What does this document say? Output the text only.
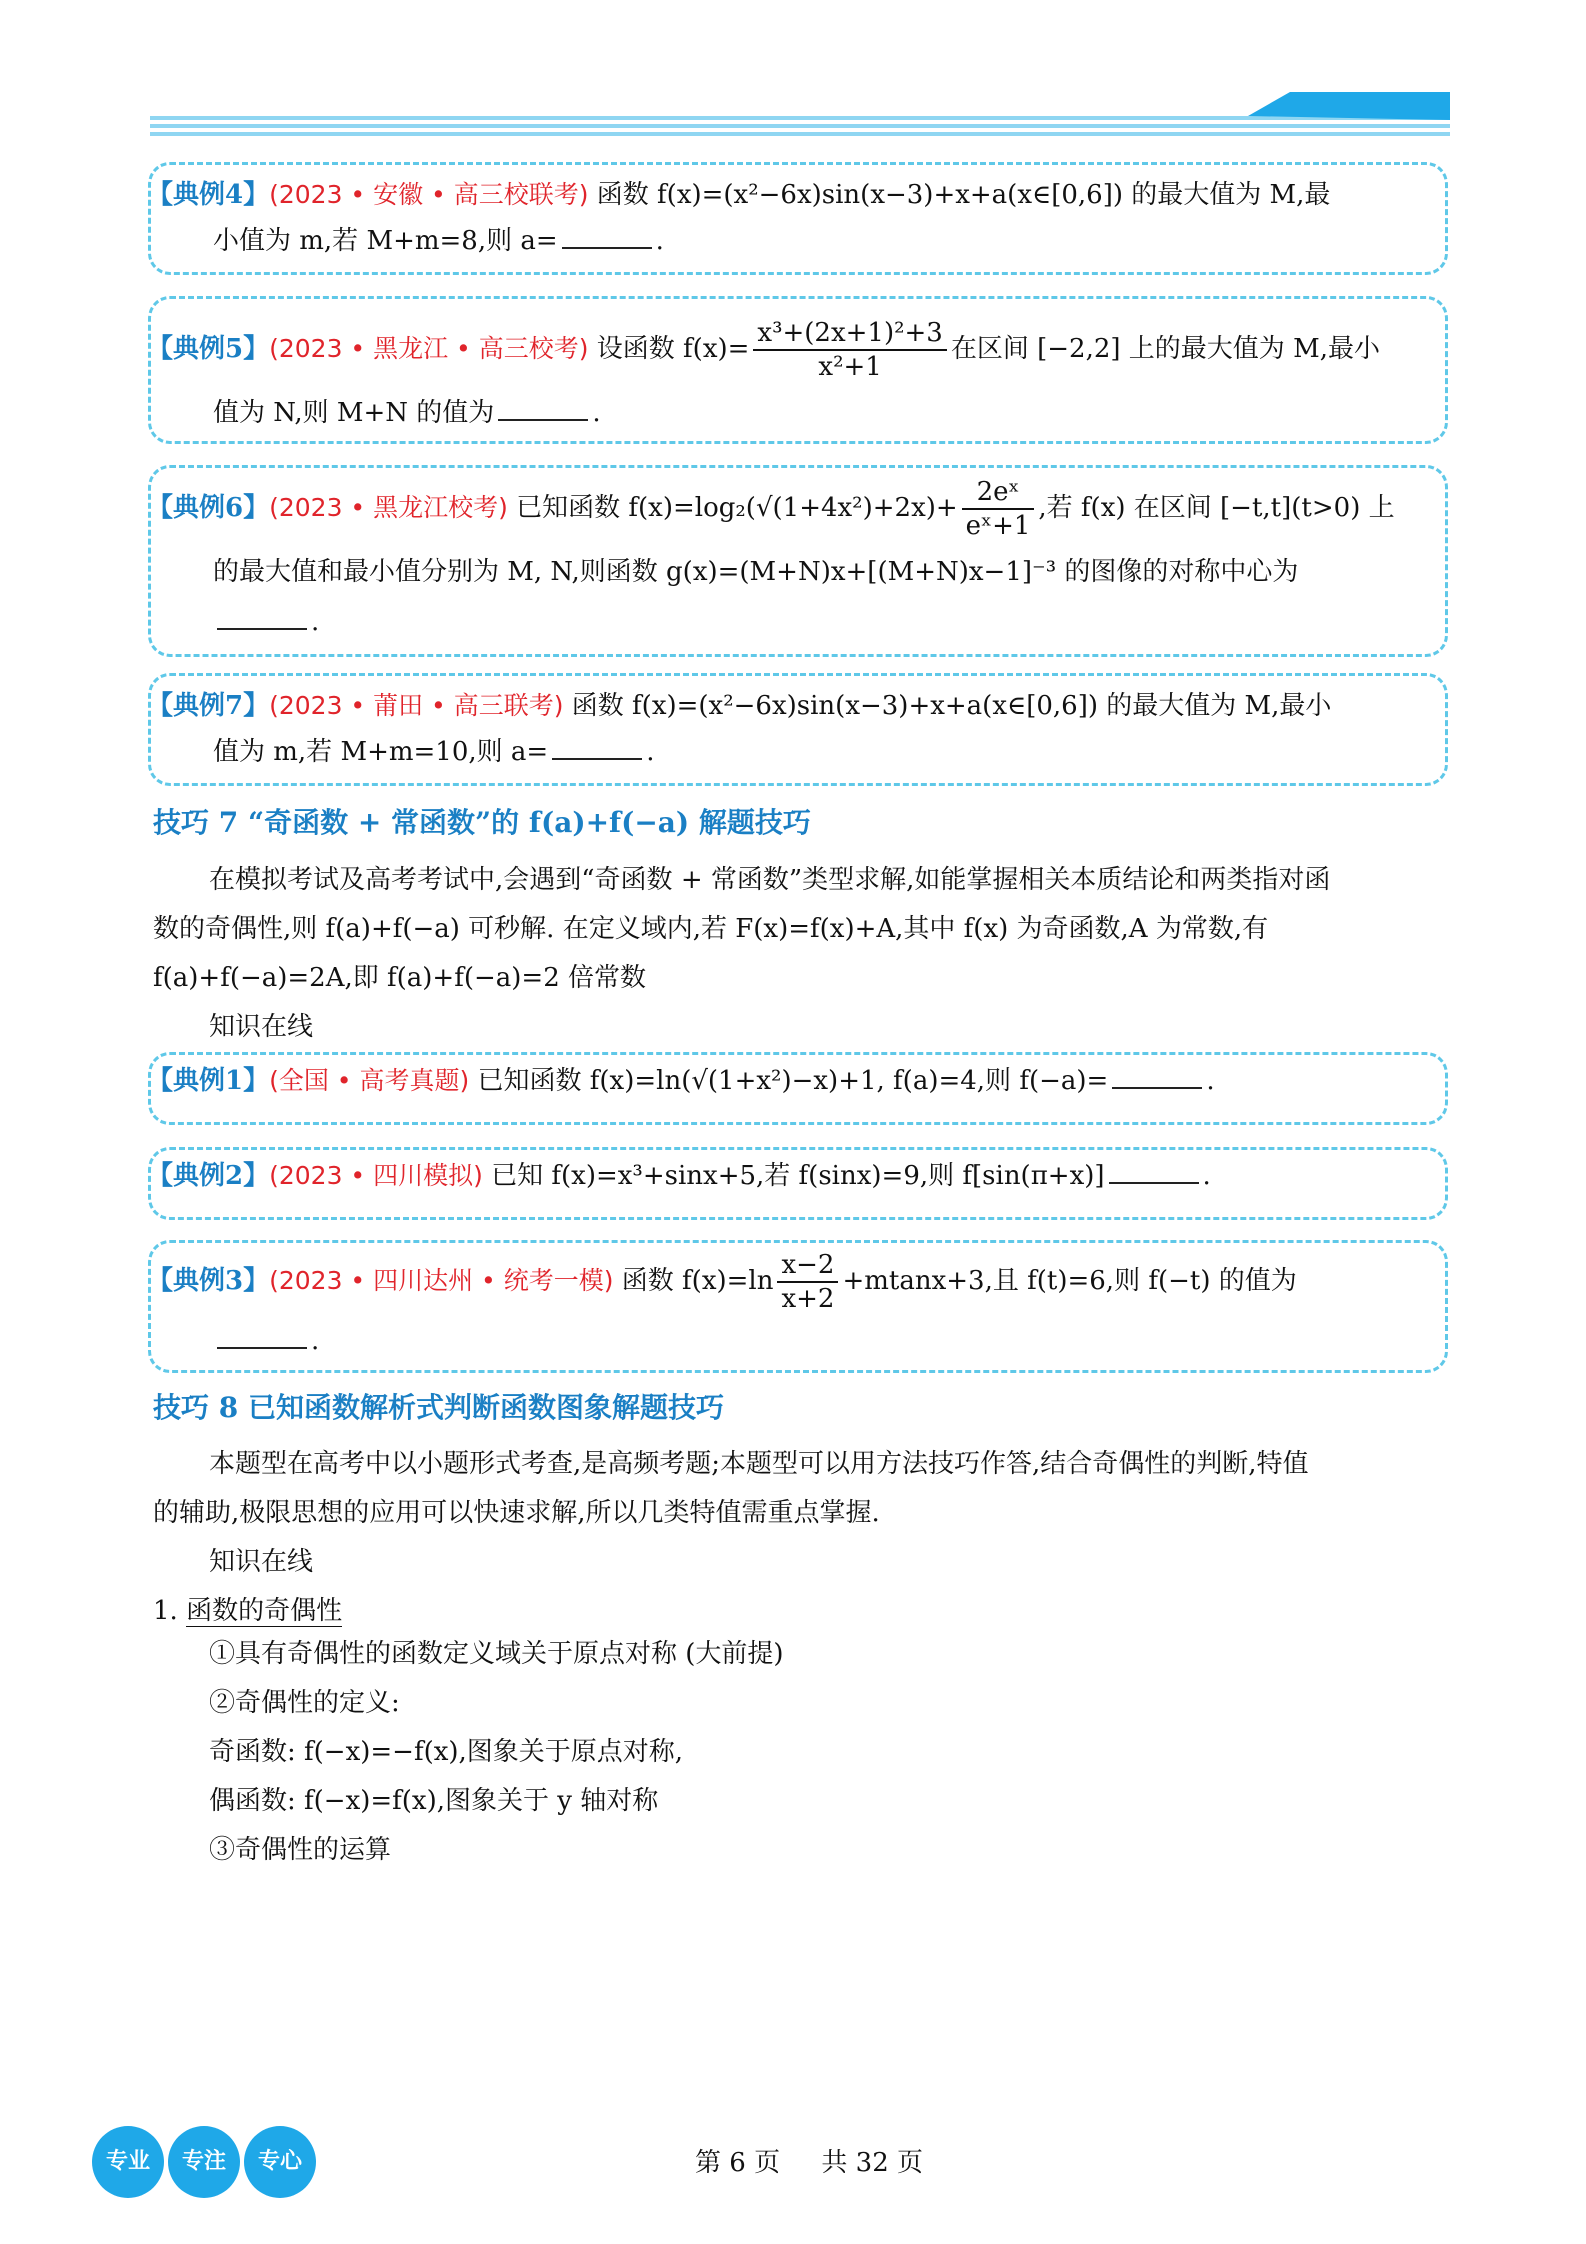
【典例4】(2023 • 安徽 • 高三校联考) 函数 f(x)=(x²−6x)sin(x−3)+x+a(x∈[0,6]) 的最大值为 M,最
小值为 m,若 M+m=8,则 a=	.
【典例5】(2023 • 黑龙江 • 高三校考) 设函数 $f(x)= \frac{\text{x³+(2x+1)²+3}}{\text{x²+1}}$ 在区间 [−2,2] 上的最大值为 M,最小
值为 N,则 M+N 的值为	.
【典例6】(2023 • 黑龙江校考) 已知函数 $f(x)=\log_2(√(1+4x^2)+2x)+ \frac{\text{2eˣ}}{\text{eˣ+1}}$ ,若 f(x) 在区间 [−t,t](t>0) 上
的最大值和最小值分别为 M, N,则函数 g(x)=(M+N)x+[(M+N)x−1]⁻³ 的图像的对称中心为
.
【典例7】(2023 • 莆田 • 高三联考) 函数 f(x)=(x²−6x)sin(x−3)+x+a(x∈[0,6]) 的最大值为 M,最小
值为 m,若 M+m=10,则 a=	.
技巧 7 “奇函数 + 常函数”的 f(a)+f(−a) 解题技巧
在模拟考试及高考考试中,会遇到“奇函数 + 常函数”类型求解,如能掌握相关本质结论和两类指对函
数的奇偶性,则 f(a)+f(−a) 可秒解. 在定义域内,若 F(x)=f(x)+A,其中 f(x) 为奇函数,A 为常数,有
f(a)+f(−a)=2A,即 f(a)+f(−a)=2 倍常数
知识在线
【典例1】(全国 • 高考真题) 已知函数 f(x)=ln(√(1+x²)−x)+1, f(a)=4,则 f(−a)=	.
【典例2】(2023 • 四川模拟) 已知 f(x)=x³+sinx+5,若 f(sinx)=9,则 f[sin(π+x)]	.
【典例3】(2023 • 四川达州 • 统考一模) 函数 $f(x)=\ln \frac{x-2}{x+2} +mtanx+3$,且 f(t)=6,则 f(−t) 的值为
.
技巧 8 已知函数解析式判断函数图象解题技巧
本题型在高考中以小题形式考查,是高频考题;本题型可以用方法技巧作答,结合奇偶性的判断,特值
的辅助,极限思想的应用可以快速求解,所以几类特值需重点掌握.
知识在线
1. 函数的奇偶性
①具有奇偶性的函数定义域关于原点对称 (大前提)
②奇偶性的定义:
奇函数: f(−x)=−f(x),图象关于原点对称,
偶函数: f(−x)=f(x),图象关于 y 轴对称
③奇偶性的运算
专业	专注	专心	第 6 页     共 32 页
